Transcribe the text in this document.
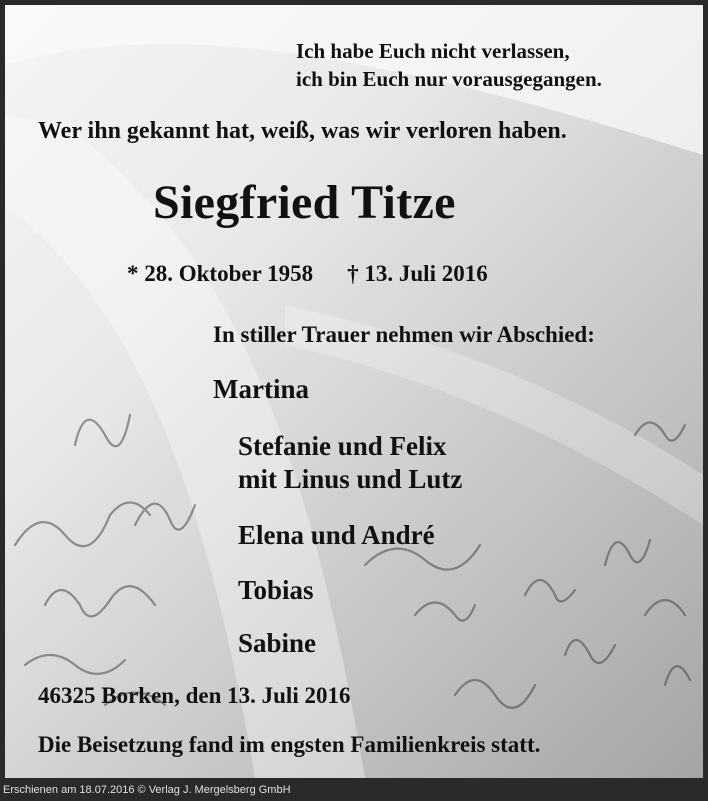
Ich habe Euch nicht verlassen,
ich bin Euch nur vorausgegangen.
Wer ihn gekannt hat, weiß, was wir verloren haben.
Siegfried Titze
* 28. Oktober 1958 † 13. Juli 2016
In stiller Trauer nehmen wir Abschied:
Martina
Stefanie und Felix
mit Linus und Lutz
Elena und André
Tobias
Sabine
46325 Borken, den 13. Juli 2016
Die Beisetzung fand im engsten Familienkreis statt.
Erschienen am 18.07.2016 © Verlag J. Mergelsberg GmbH
